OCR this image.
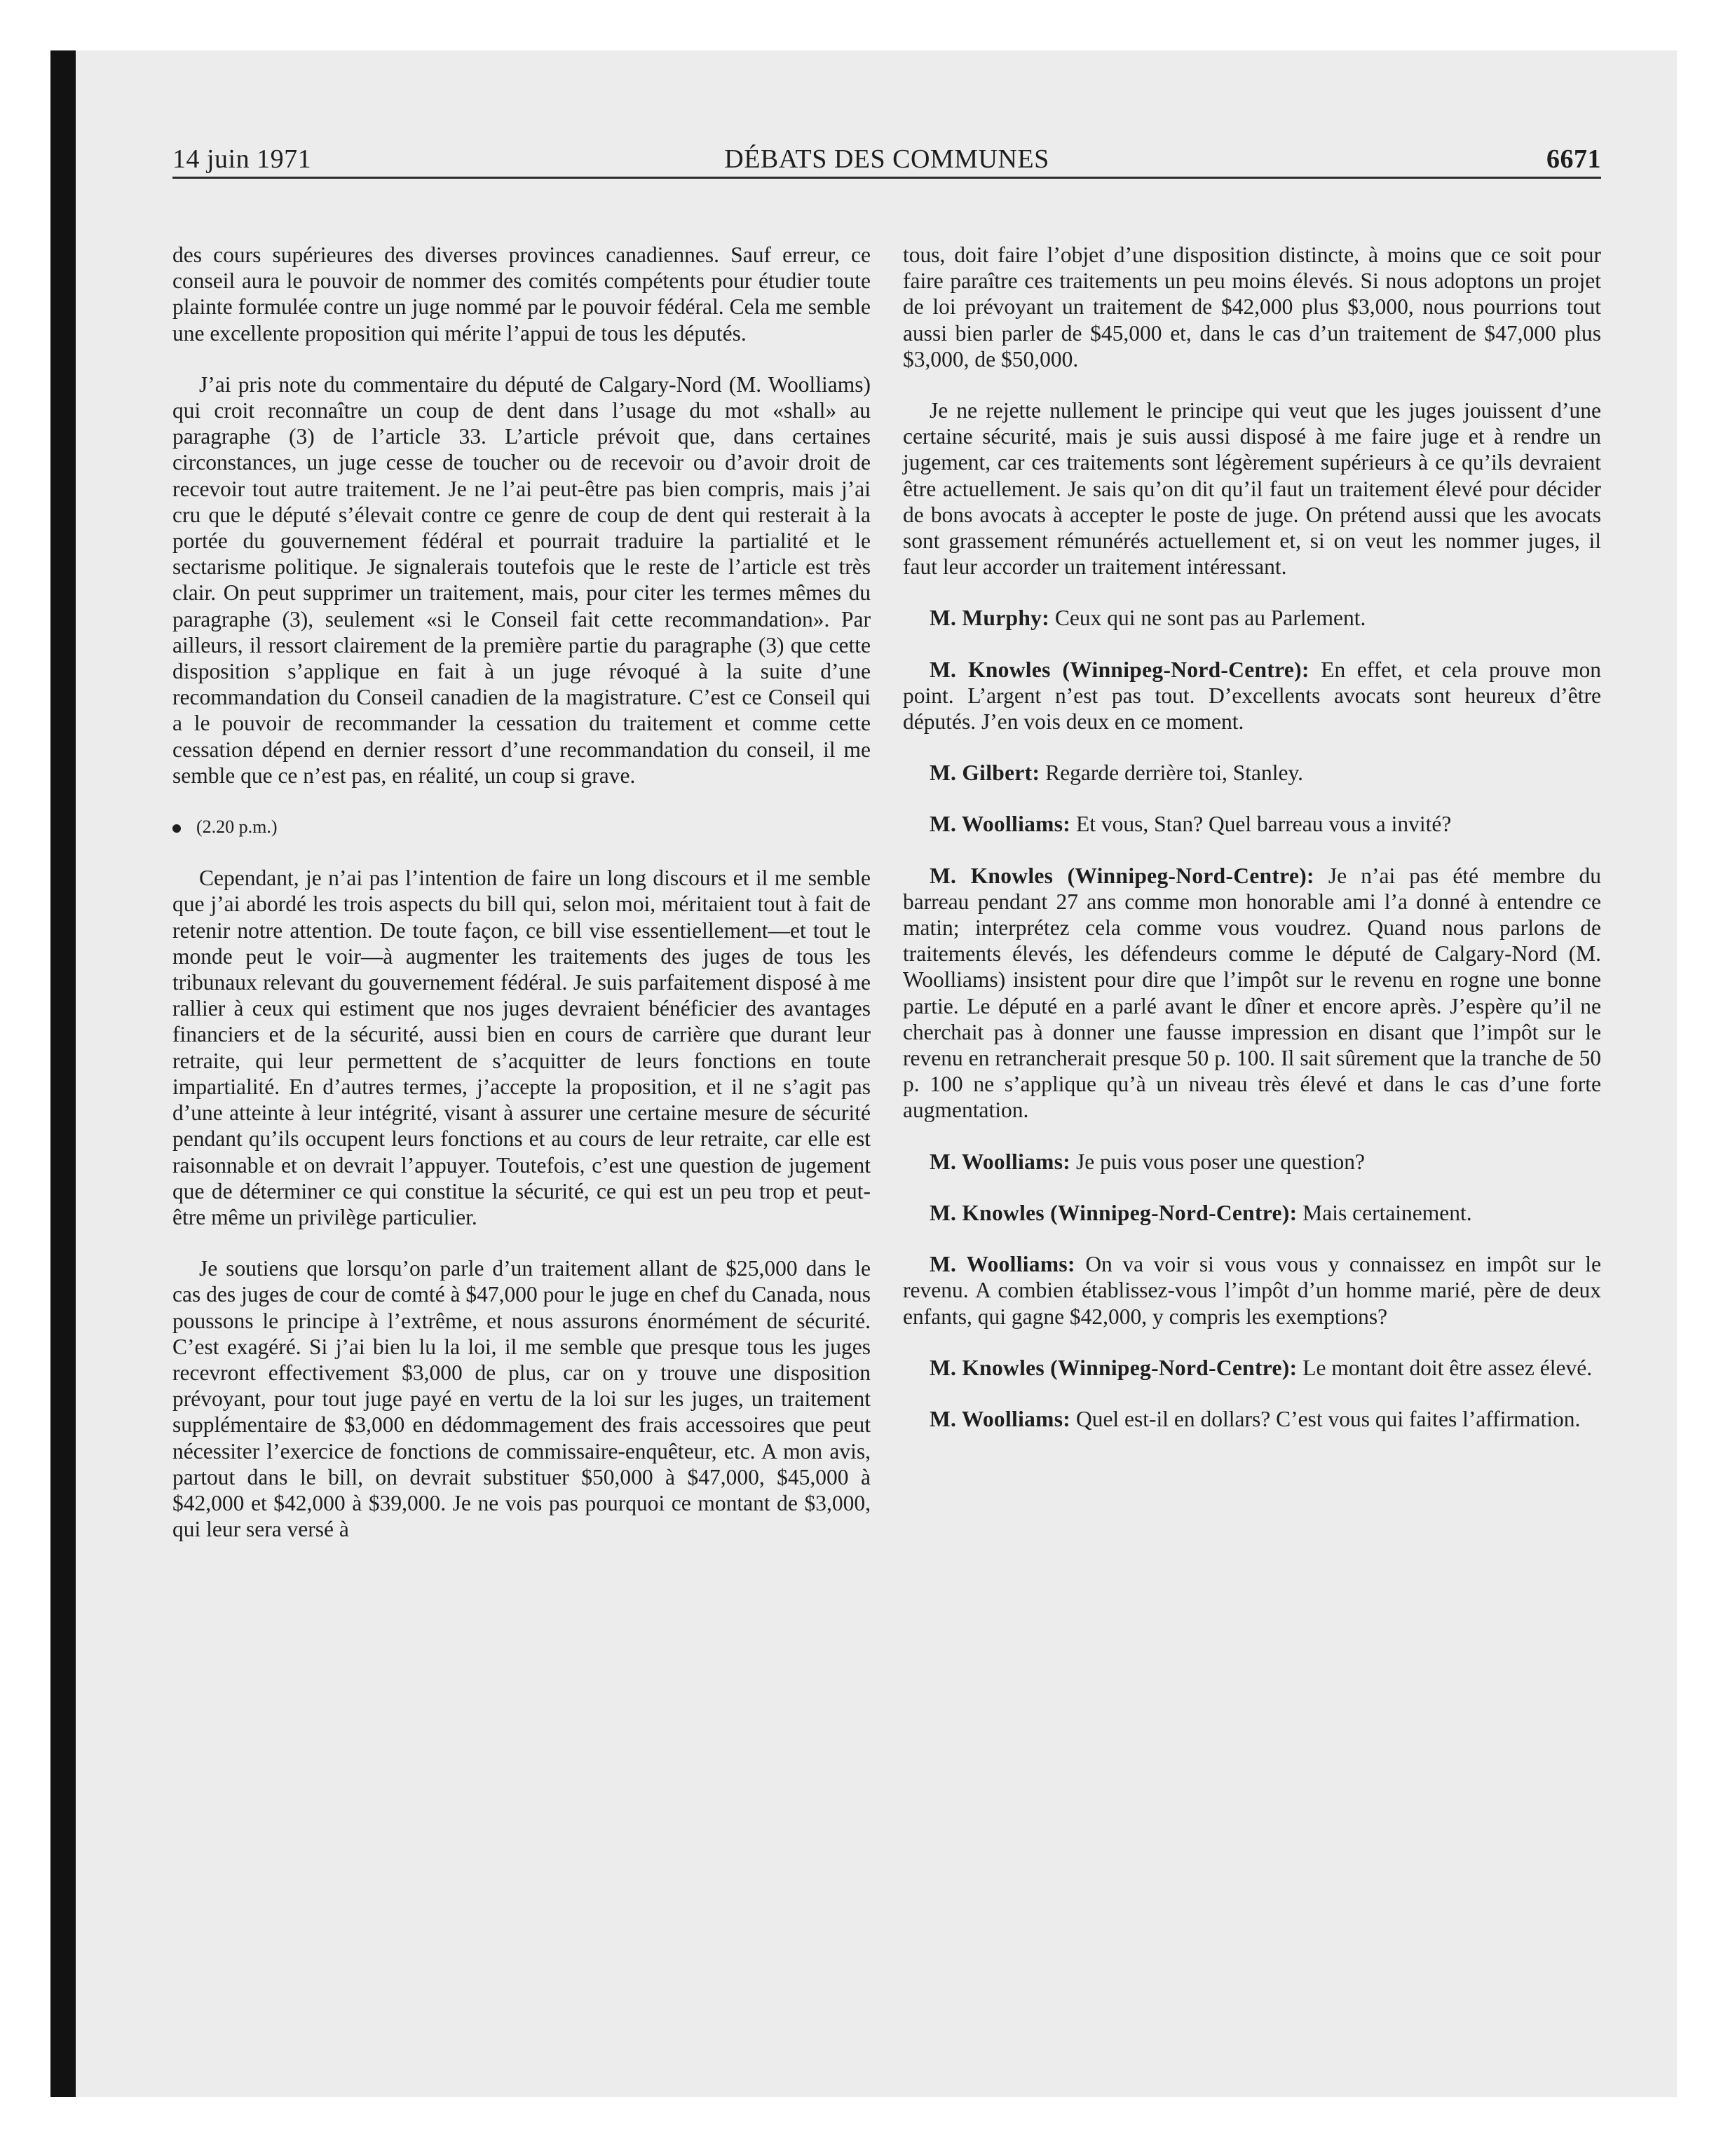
14 juin 1971	DÉBATS DES COMMUNES	6671

des cours supérieures des diverses provinces canadiennes. Sauf erreur, ce conseil aura le pouvoir de nommer des comités compétents pour étudier toute plainte formulée contre un juge nommé par le pouvoir fédéral. Cela me semble une excellente proposition qui mérite l’appui de tous les députés.

J’ai pris note du commentaire du député de Calgary-Nord (M. Woolliams) qui croit reconnaître un coup de dent dans l’usage du mot «shall» au paragraphe (3) de l’article 33. L’article prévoit que, dans certaines circonstances, un juge cesse de toucher ou de recevoir ou d’avoir droit de recevoir tout autre traitement. Je ne l’ai peut-être pas bien compris, mais j’ai cru que le député s’élevait contre ce genre de coup de dent qui resterait à la portée du gouvernement fédéral et pourrait traduire la partialité et le sectarisme politique. Je signalerais toutefois que le reste de l’article est très clair. On peut supprimer un traitement, mais, pour citer les termes mêmes du paragraphe (3), seulement «si le Conseil fait cette recommandation». Par ailleurs, il ressort clairement de la première partie du paragraphe (3) que cette disposition s’applique en fait à un juge révoqué à la suite d’une recommandation du Conseil canadien de la magistrature. C’est ce Conseil qui a le pouvoir de recommander la cessation du traitement et comme cette cessation dépend en dernier ressort d’une recommandation du conseil, il me semble que ce n’est pas, en réalité, un coup si grave.

(2.20 p.m.)

Cependant, je n’ai pas l’intention de faire un long discours et il me semble que j’ai abordé les trois aspects du bill qui, selon moi, méritaient tout à fait de retenir notre attention. De toute façon, ce bill vise essentiellement—et tout le monde peut le voir—à augmenter les traitements des juges de tous les tribunaux relevant du gouvernement fédéral. Je suis parfaitement disposé à me rallier à ceux qui estiment que nos juges devraient bénéficier des avantages financiers et de la sécurité, aussi bien en cours de carrière que durant leur retraite, qui leur permettent de s’acquitter de leurs fonctions en toute impartialité. En d’autres termes, j’accepte la proposition, et il ne s’agit pas d’une atteinte à leur intégrité, visant à assurer une certaine mesure de sécurité pendant qu’ils occupent leurs fonctions et au cours de leur retraite, car elle est raisonnable et on devrait l’appuyer. Toutefois, c’est une question de jugement que de déterminer ce qui constitue la sécurité, ce qui est un peu trop et peut-être même un privilège particulier.

Je soutiens que lorsqu’on parle d’un traitement allant de $25,000 dans le cas des juges de cour de comté à $47,000 pour le juge en chef du Canada, nous poussons le principe à l’extrême, et nous assurons énormément de sécurité. C’est exagéré. Si j’ai bien lu la loi, il me semble que presque tous les juges recevront effectivement $3,000 de plus, car on y trouve une disposition prévoyant, pour tout juge payé en vertu de la loi sur les juges, un traitement supplémentaire de $3,000 en dédommagement des frais accessoires que peut nécessiter l’exercice de fonctions de commissaire-enquêteur, etc. A mon avis, partout dans le bill, on devrait substituer $50,000 à $47,000, $45,000 à $42,000 et $42,000 à $39,000. Je ne vois pas pourquoi ce montant de $3,000, qui leur sera versé à

tous, doit faire l’objet d’une disposition distincte, à moins que ce soit pour faire paraître ces traitements un peu moins élevés. Si nous adoptons un projet de loi prévoyant un traitement de $42,000 plus $3,000, nous pourrions tout aussi bien parler de $45,000 et, dans le cas d’un traitement de $47,000 plus $3,000, de $50,000.

Je ne rejette nullement le principe qui veut que les juges jouissent d’une certaine sécurité, mais je suis aussi disposé à me faire juge et à rendre un jugement, car ces traitements sont légèrement supérieurs à ce qu’ils devraient être actuellement. Je sais qu’on dit qu’il faut un traitement élevé pour décider de bons avocats à accepter le poste de juge. On prétend aussi que les avocats sont grassement rémunérés actuellement et, si on veut les nommer juges, il faut leur accorder un traitement intéressant.

M. Murphy: Ceux qui ne sont pas au Parlement.

M. Knowles (Winnipeg-Nord-Centre): En effet, et cela prouve mon point. L’argent n’est pas tout. D’excellents avocats sont heureux d’être députés. J’en vois deux en ce moment.

M. Gilbert: Regarde derrière toi, Stanley.

M. Woolliams: Et vous, Stan? Quel barreau vous a invité?

M. Knowles (Winnipeg-Nord-Centre): Je n’ai pas été membre du barreau pendant 27 ans comme mon honorable ami l’a donné à entendre ce matin; interprétez cela comme vous voudrez. Quand nous parlons de traitements élevés, les défendeurs comme le député de Calgary-Nord (M. Woolliams) insistent pour dire que l’impôt sur le revenu en rogne une bonne partie. Le député en a parlé avant le dîner et encore après. J’espère qu’il ne cherchait pas à donner une fausse impression en disant que l’impôt sur le revenu en retrancherait presque 50 p. 100. Il sait sûrement que la tranche de 50 p. 100 ne s’applique qu’à un niveau très élevé et dans le cas d’une forte augmentation.

M. Woolliams: Je puis vous poser une question?

M. Knowles (Winnipeg-Nord-Centre): Mais certainement.

M. Woolliams: On va voir si vous vous y connaissez en impôt sur le revenu. A combien établissez-vous l’impôt d’un homme marié, père de deux enfants, qui gagne $42,000, y compris les exemptions?

M. Knowles (Winnipeg-Nord-Centre): Le montant doit être assez élevé.

M. Woolliams: Quel est-il en dollars? C’est vous qui faites l’affirmation.
